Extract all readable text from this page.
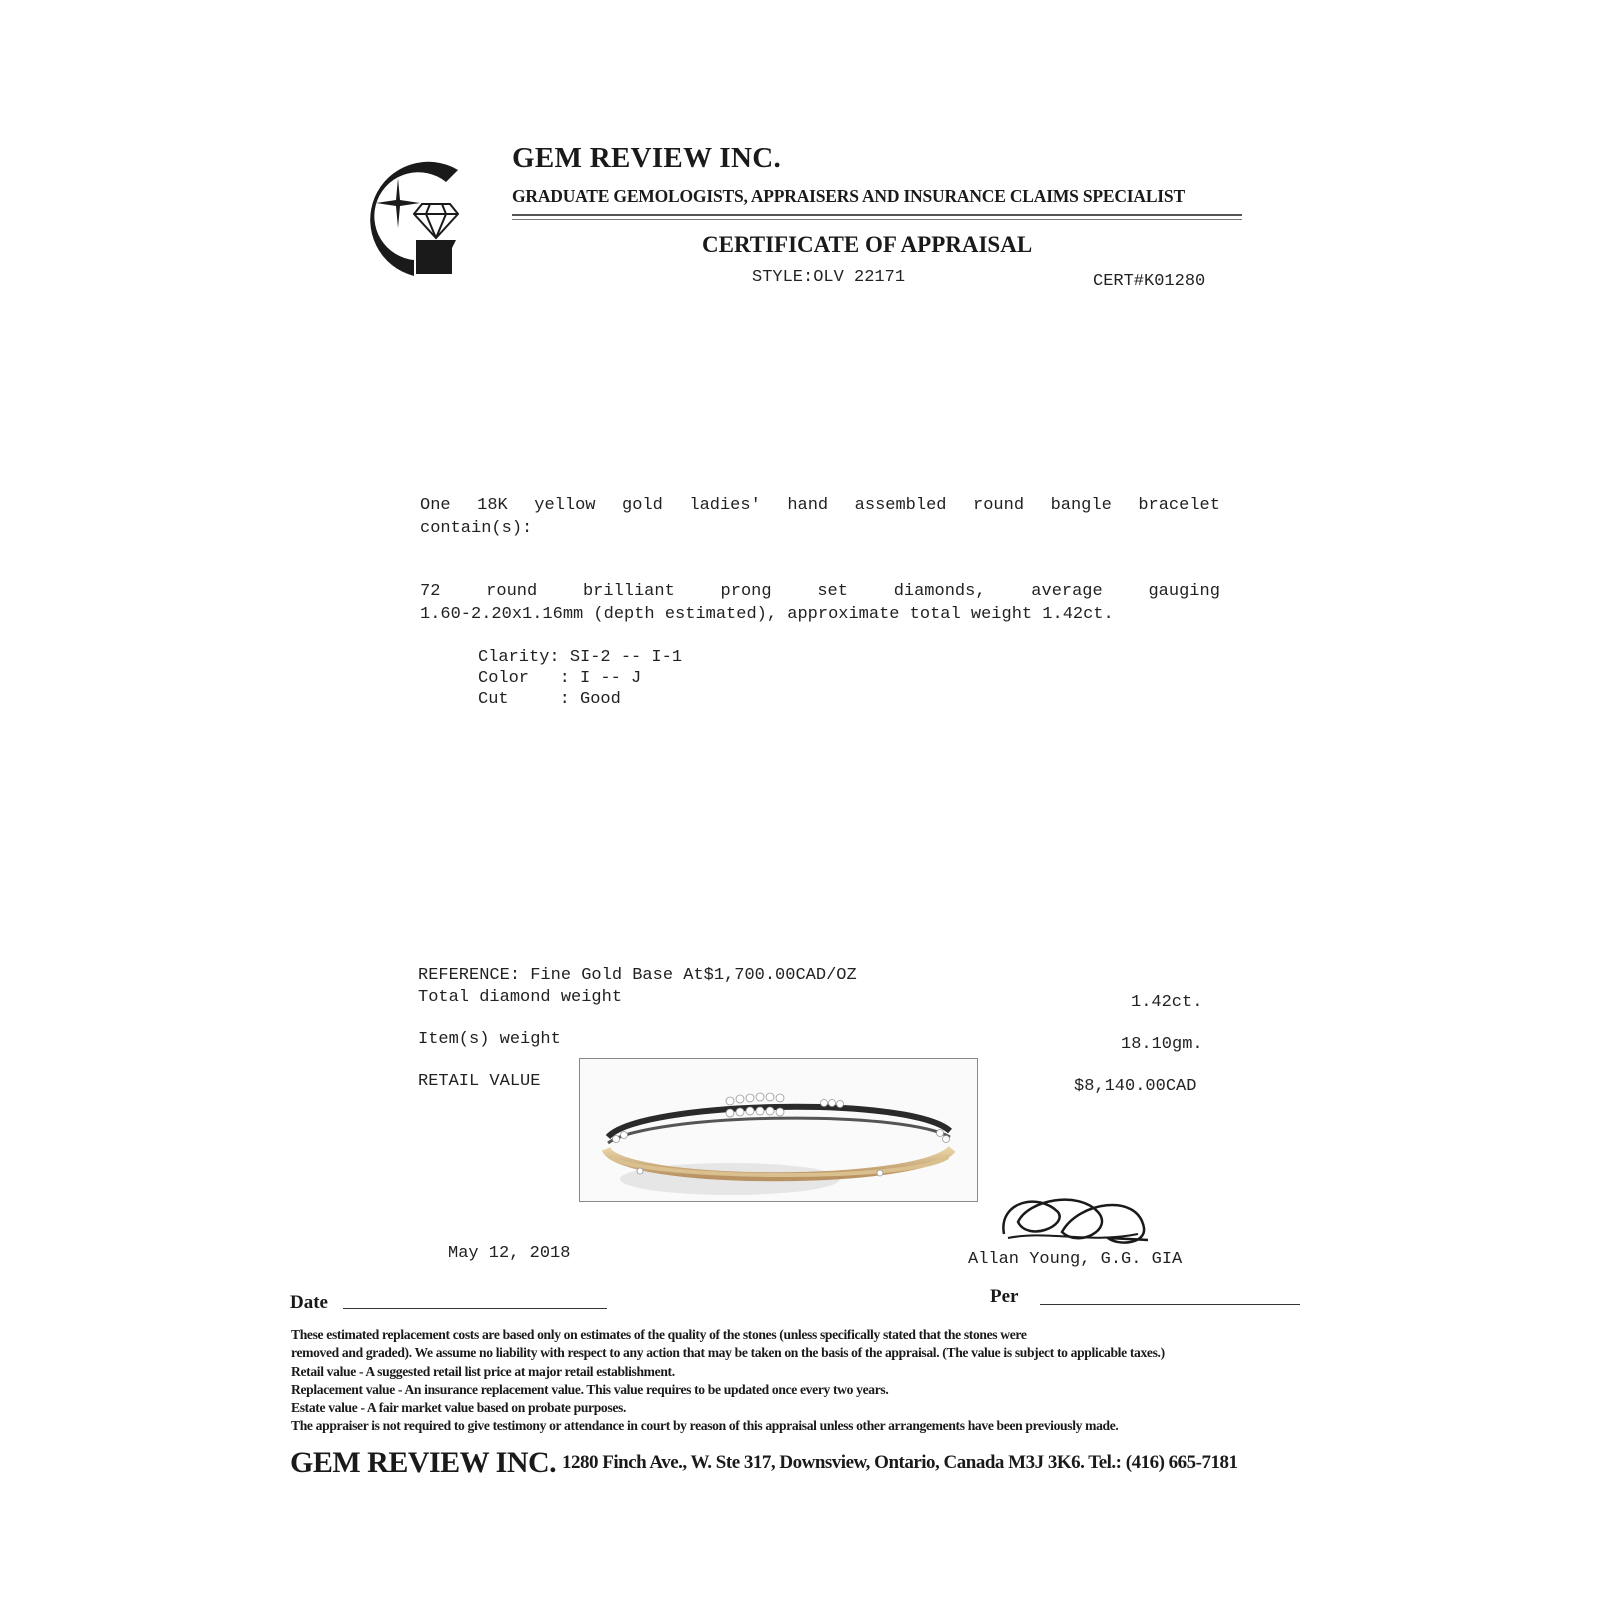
GEM REVIEW INC.
GRADUATE GEMOLOGISTS, APPRAISERS AND INSURANCE CLAIMS SPECIALIST
CERTIFICATE OF APPRAISAL
STYLE:OLV 22171	CERT#K01280
One 18K yellow gold ladies' hand assembled round bangle bracelet
contain(s):
72	round	brilliant	prong	set	diamonds,	average	gauging
1.60-2.20x1.16mm (depth estimated), approximate total weight 1.42ct.
Clarity: SI-2 -- I-1
Color   : I -- J
Cut     : Good
REFERENCE: Fine Gold Base At$1,700.00CAD/OZ
Total diamond weight	1.42ct.
Item(s) weight	18.10gm.
RETAIL VALUE	$8,140.00CAD
May 12, 2018	Allan Young, G.G. GIA
Date	Per
These estimated replacement costs are based only on estimates of the quality of the stones (unless specifically stated that the stones were
removed and graded). We assume no liability with respect to any action that may be taken on the basis of the appraisal. (The value is subject to applicable taxes.)
Retail value - A suggested retail list price at major retail establishment.
Replacement value - An insurance replacement value. This value requires to be updated once every two years.
Estate value - A fair market value based on probate purposes.
The appraiser is not required to give testimony or attendance in court by reason of this appraisal unless other arrangements have been previously made.
GEM REVIEW INC. 1280 Finch Ave., W. Ste 317, Downsview, Ontario, Canada M3J 3K6. Tel.: (416) 665-7181
